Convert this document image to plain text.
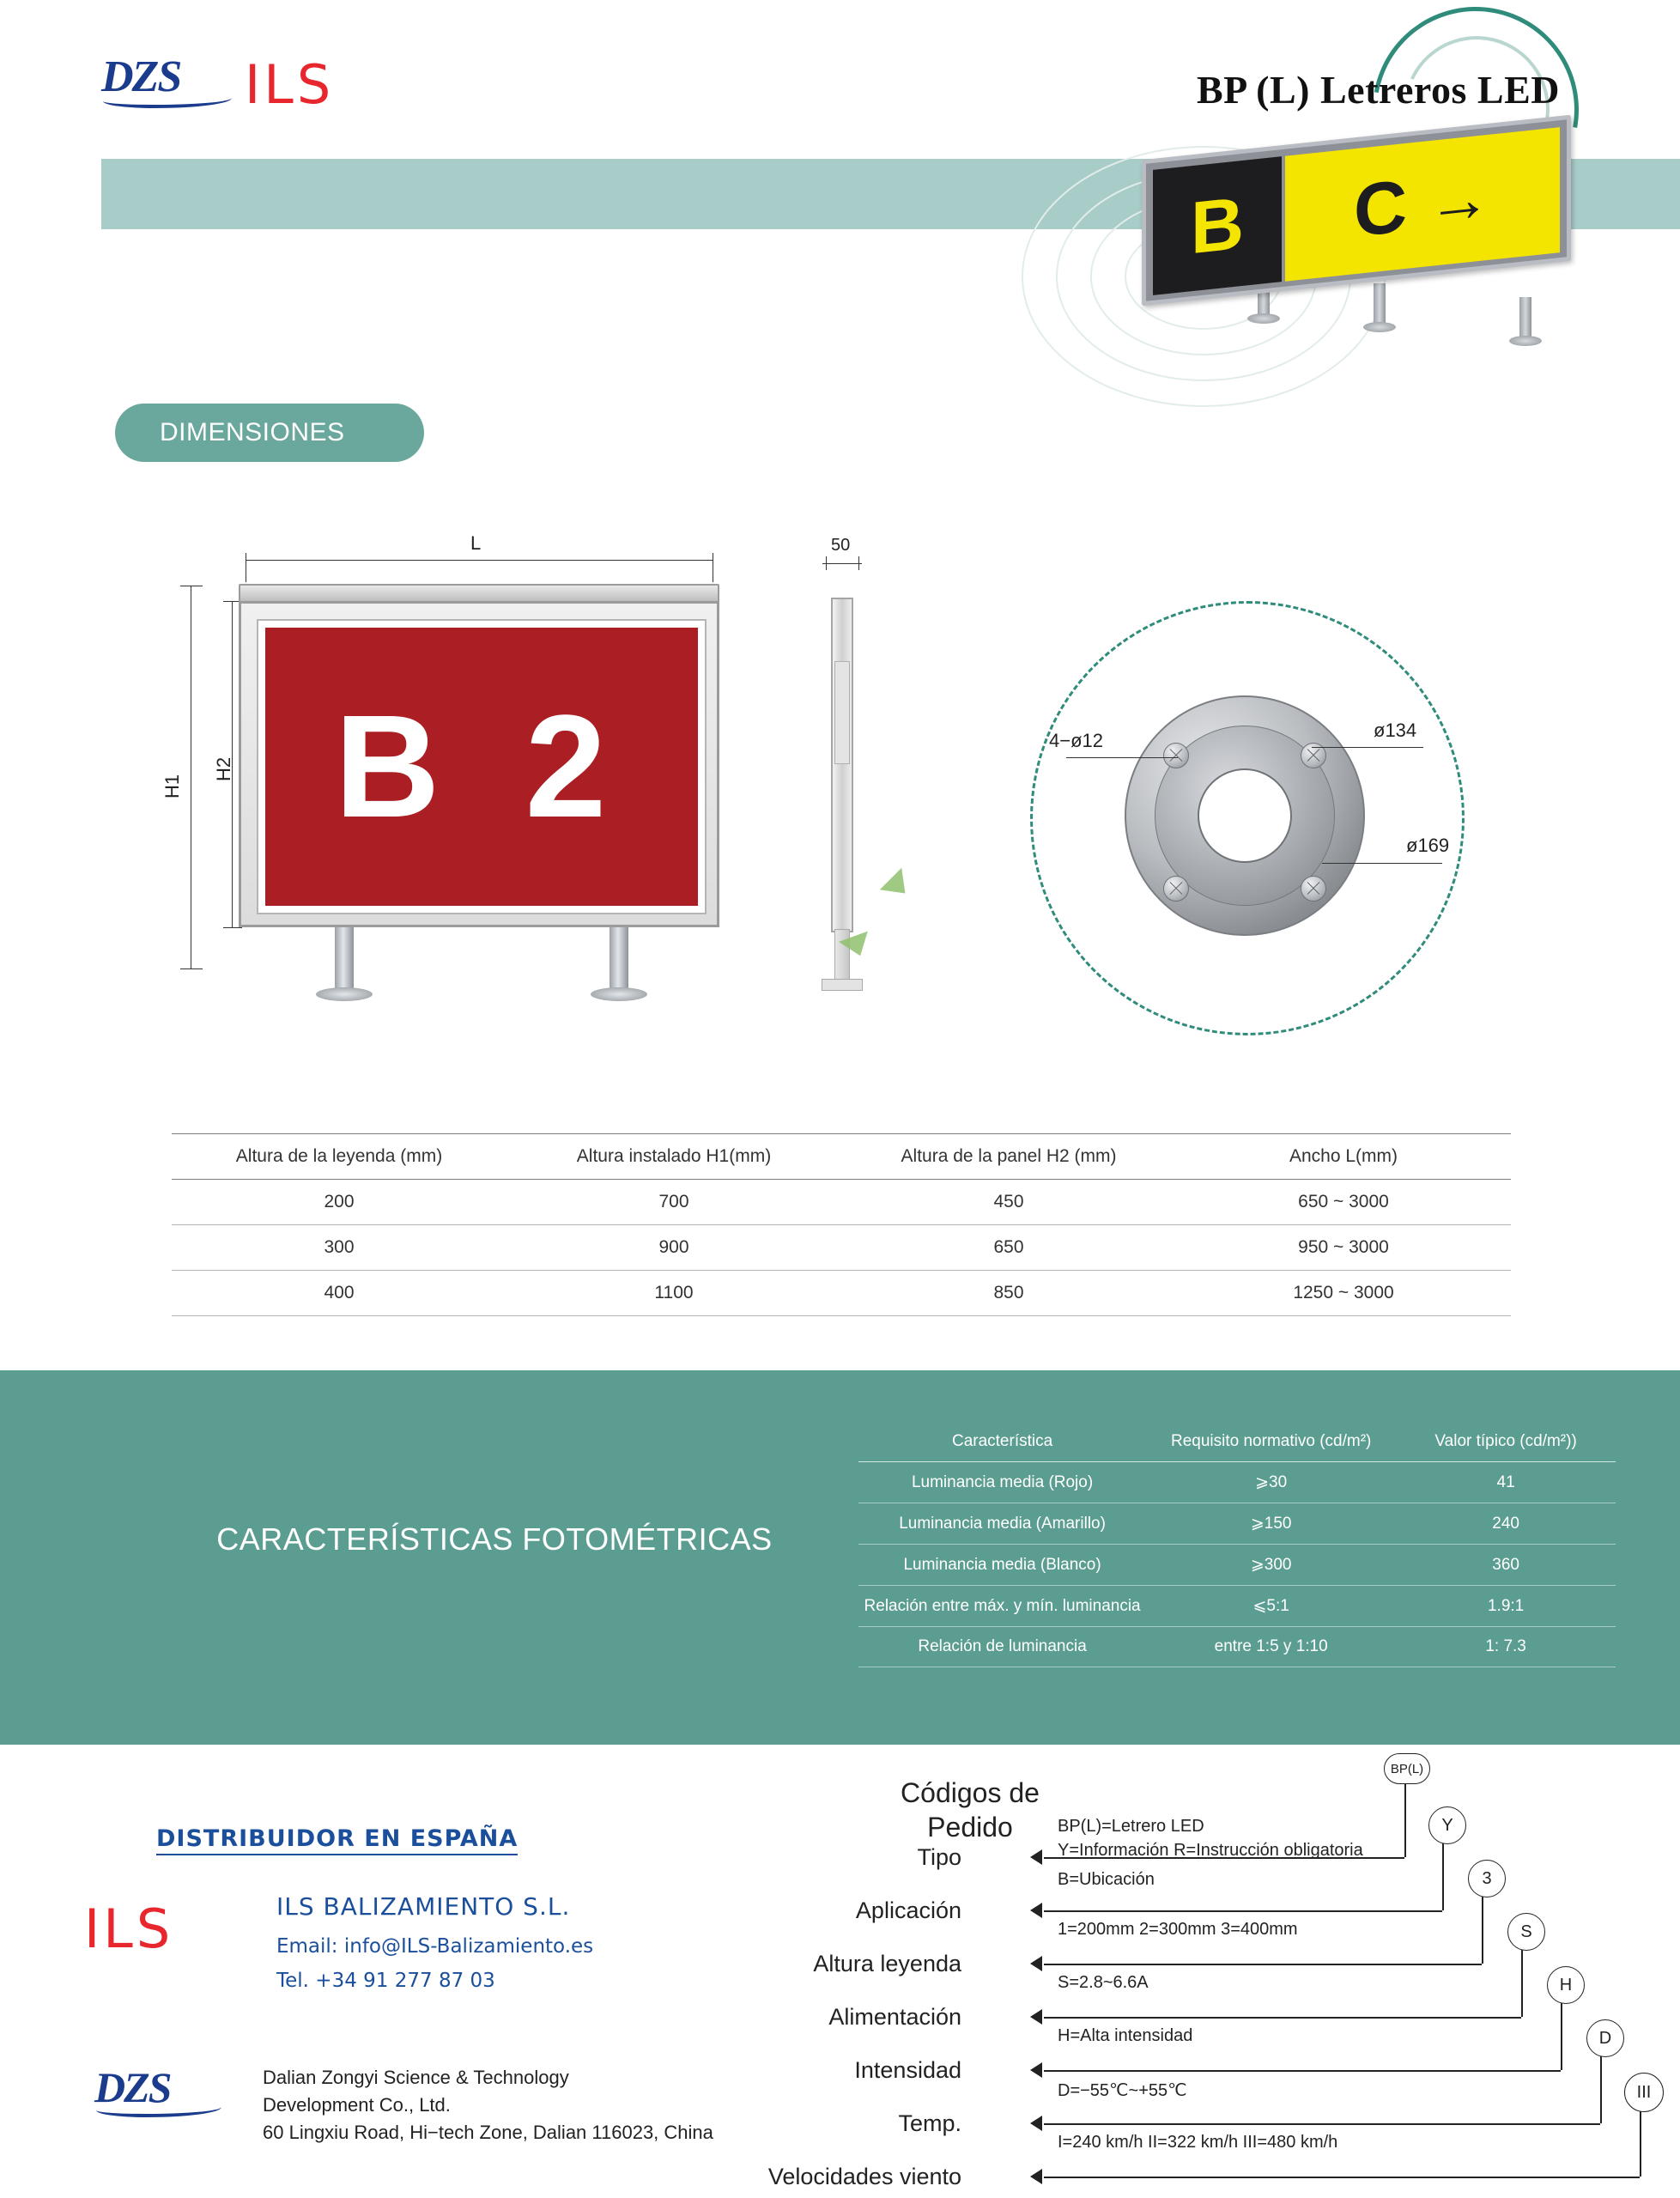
DZS	ILS	BP (L) Letreros LED
B C →
DIMENSIONES
L
H1
H2 B 2
50
4−ø12	ø134
ø169
Altura de la leyenda (mm)	Altura instalado H1(mm)	Altura de la panel H2 (mm)	Ancho L(mm)
200	700	450	650 ~ 3000
300	900	650	950 ~ 3000
400	1100	850	1250 ~ 3000
CARACTERÍSTICAS FOTOMÉTRICAS
Característica	Requisito normativo (cd/m²)	Valor típico (cd/m²))
Luminancia media (Rojo)	⩾30	41
Luminancia media (Amarillo)	⩾150	240
Luminancia media (Blanco)	⩾300	360
Relación entre máx. y mín. luminancia	⩽5:1	1.9:1
Relación de luminancia	entre 1:5 y 1:10	1: 7.3
DISTRIBUIDOR EN ESPAÑA
ILS	ILS BALIZAMIENTO S.L.
Email: info@ILS-Balizamiento.es
Tel. +34 91 277 87 03
DZS	Dalian Zongyi Science & Technology
Development Co., Ltd.
60 Lingxiu Road, Hi−tech Zone, Dalian 116023, China
Códigos de
Pedido
Tipo
BP(L)=Letrero LED
BP(L)
Aplicación
Y=Información R=Instrucción obligatoria
B=Ubicación
Y
Altura leyenda
1=200mm 2=300mm 3=400mm
3
Alimentación
S=2.8~6.6A
S
Intensidad
H=Alta intensidad
H
Temp.
D=−55℃~+55℃
D
Velocidades viento
I=240 km/h II=322 km/h III=480 km/h
III
